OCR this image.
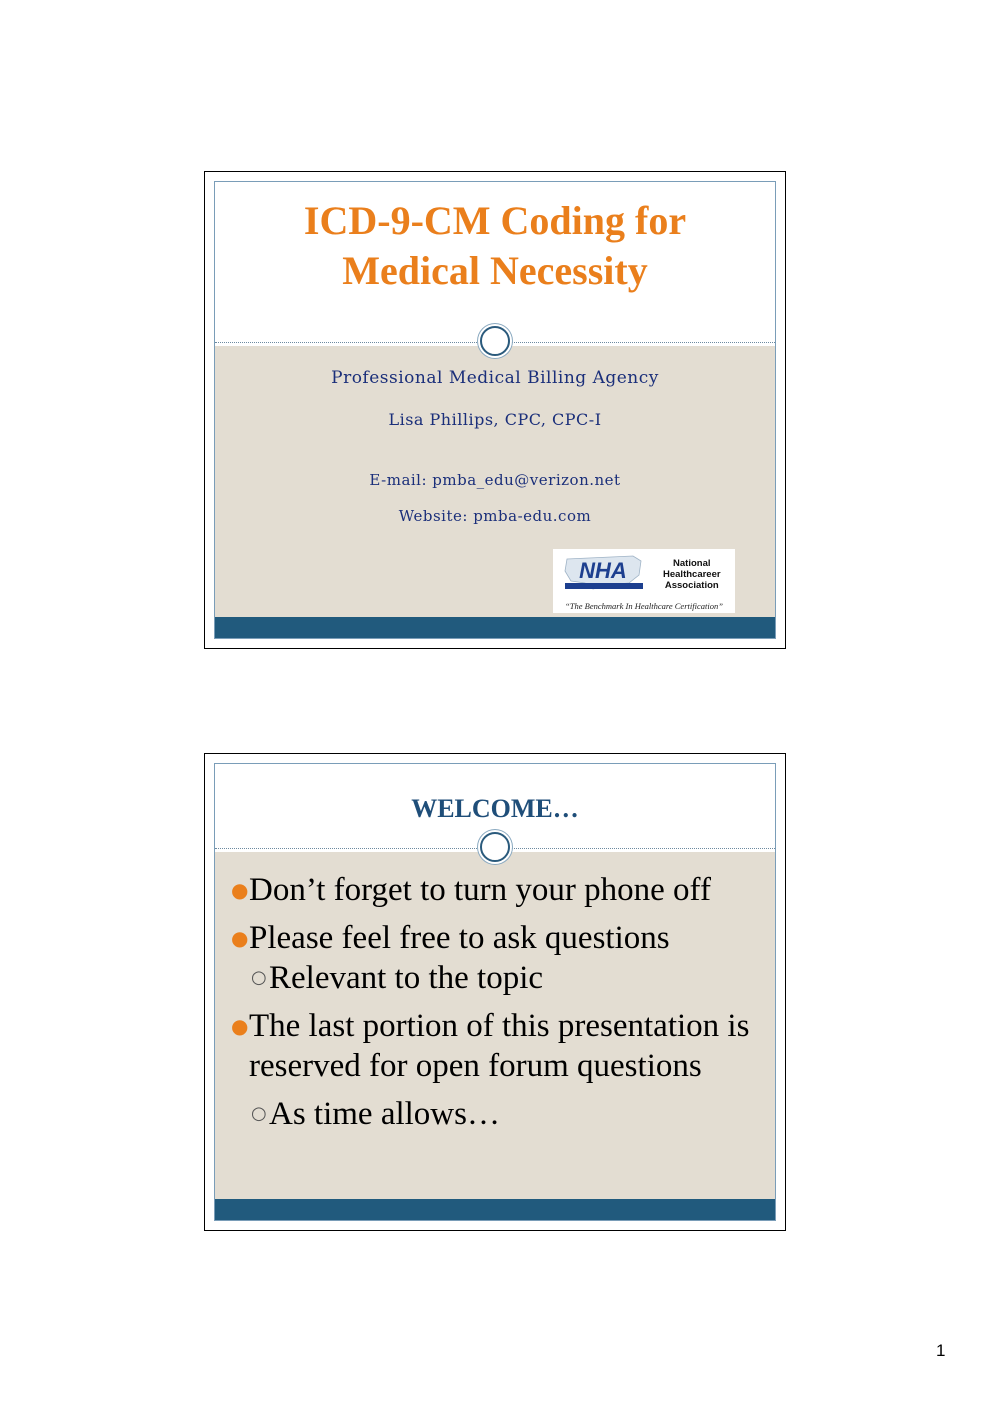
ICD-9-CM Coding for
Medical Necessity
Professional Medical Billing Agency
Lisa Phillips, CPC, CPC-I
E-mail: pmba_edu@verizon.net
Website: pmba-edu.com
NHA	National
Healthcareer
Association
“The Benchmark In Healthcare Certification”
WELCOME…
● Don’t forget to turn your phone off
● Please feel free to ask questions
○ Relevant to the topic
● The last portion of this presentation is reserved for open forum questions
○ As time allows…
1
